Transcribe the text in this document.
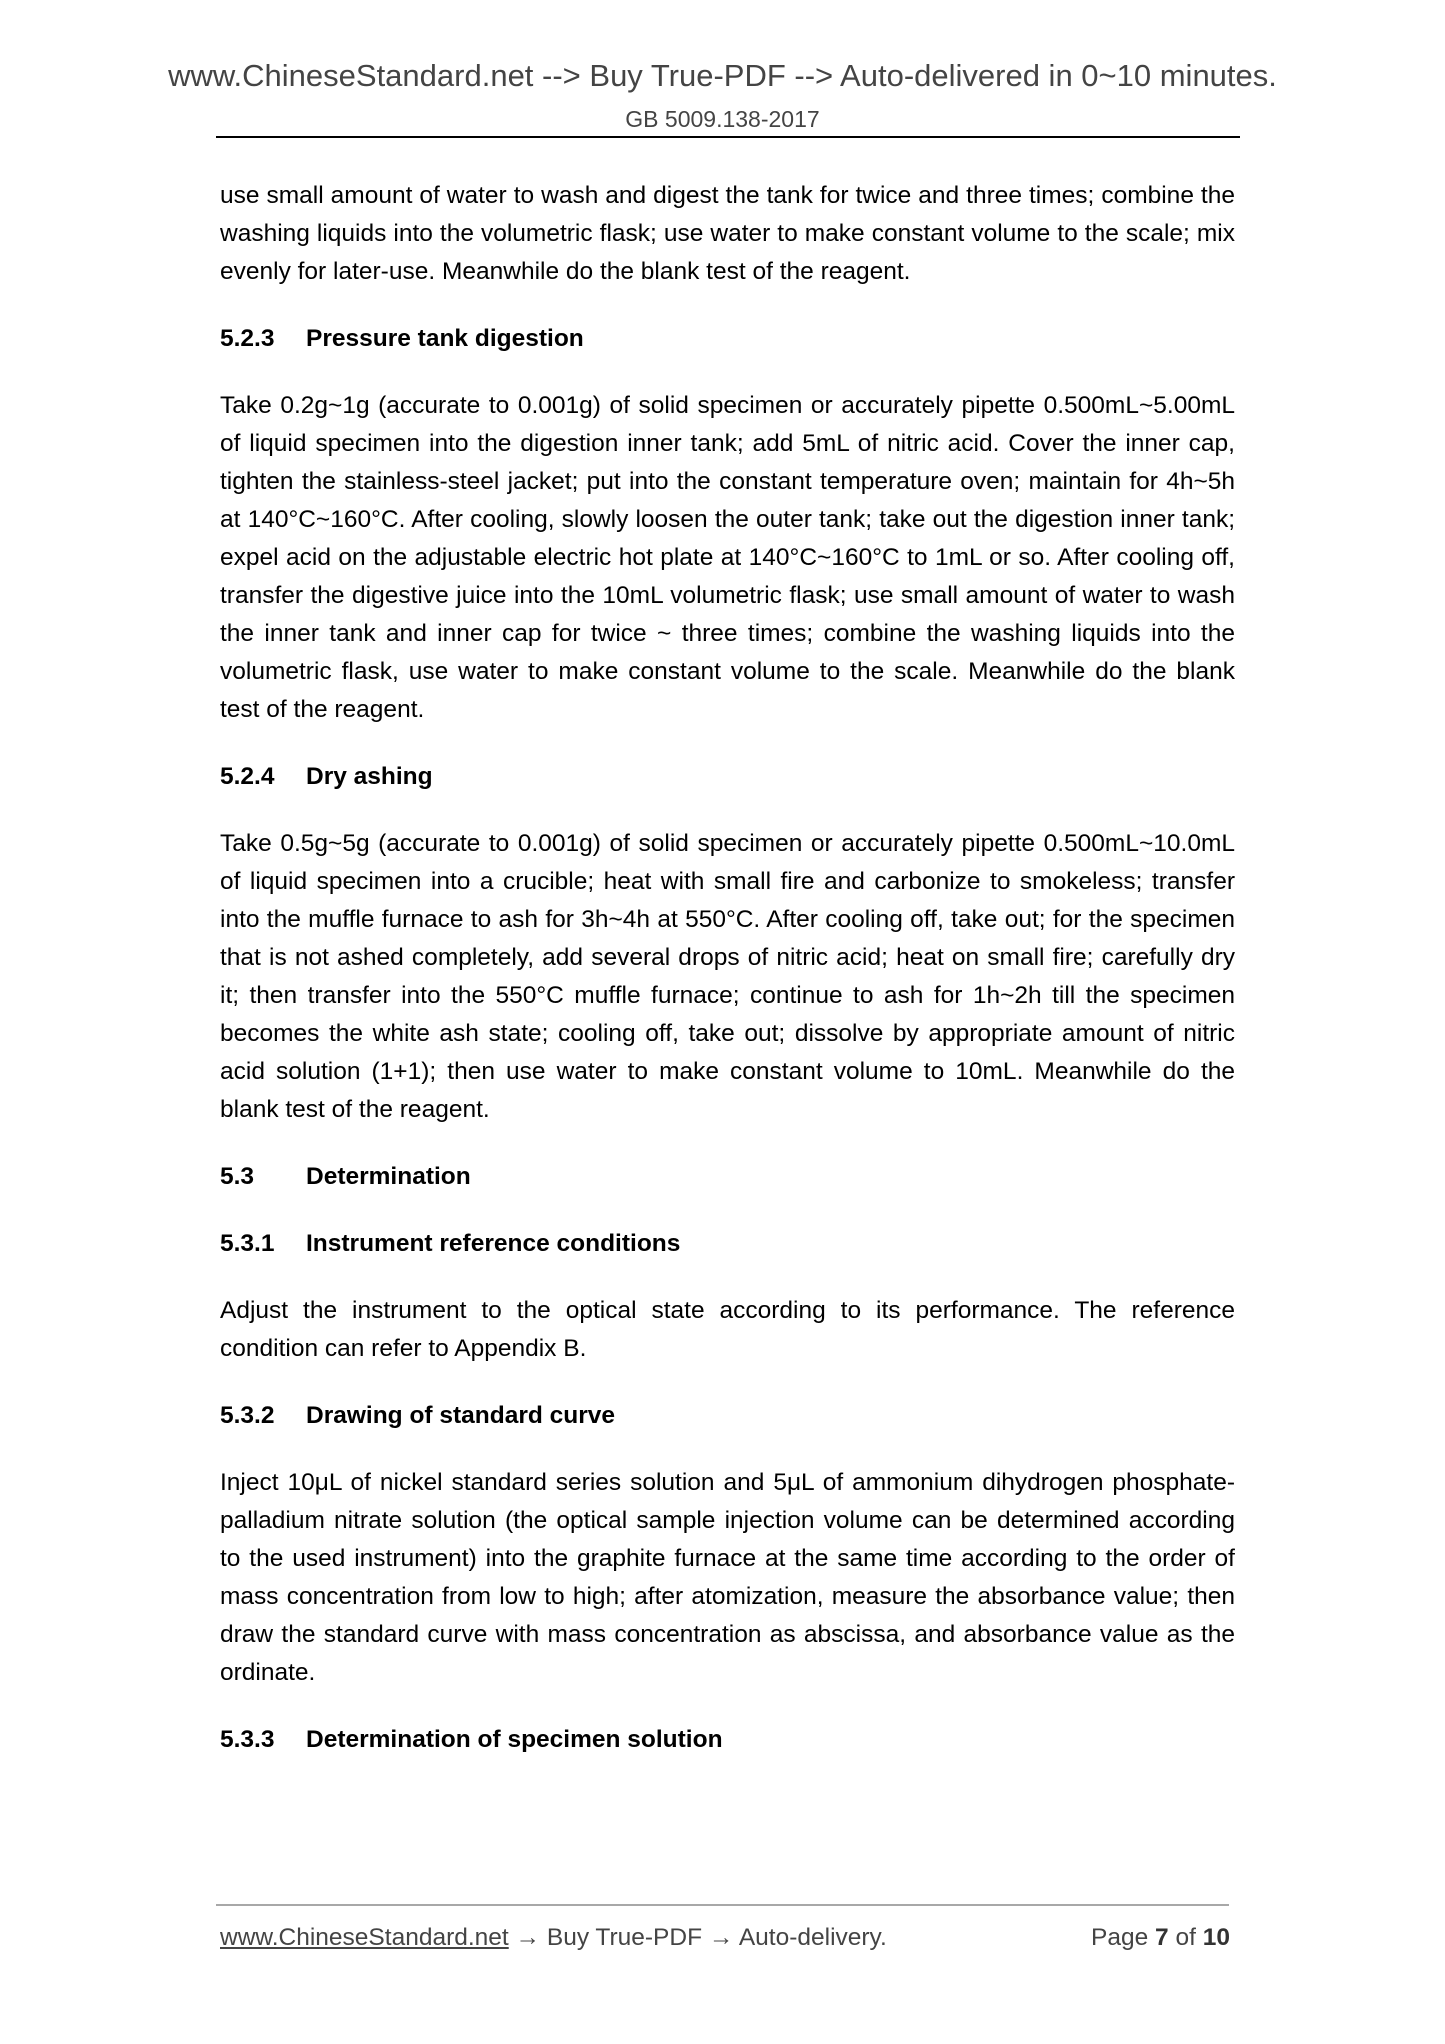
www.ChineseStandard.net --> Buy True-PDF --> Auto-delivered in 0~10 minutes.
GB 5009.138-2017
use small amount of water to wash and digest the tank for twice and three times; combine the washing liquids into the volumetric flask; use water to make constant volume to the scale; mix evenly for later-use. Meanwhile do the blank test of the reagent.
5.2.3	Pressure tank digestion
Take 0.2g~1g (accurate to 0.001g) of solid specimen or accurately pipette 0.500mL~5.00mL of liquid specimen into the digestion inner tank; add 5mL of nitric acid. Cover the inner cap, tighten the stainless-steel jacket; put into the constant temperature oven; maintain for 4h~5h at 140°C~160°C. After cooling, slowly loosen the outer tank; take out the digestion inner tank; expel acid on the adjustable electric hot plate at 140°C~160°C to 1mL or so. After cooling off, transfer the digestive juice into the 10mL volumetric flask; use small amount of water to wash the inner tank and inner cap for twice ~ three times; combine the washing liquids into the volumetric flask, use water to make constant volume to the scale. Meanwhile do the blank test of the reagent.
5.2.4	Dry ashing
Take 0.5g~5g (accurate to 0.001g) of solid specimen or accurately pipette 0.500mL~10.0mL of liquid specimen into a crucible; heat with small fire and carbonize to smokeless; transfer into the muffle furnace to ash for 3h~4h at 550°C. After cooling off, take out; for the specimen that is not ashed completely, add several drops of nitric acid; heat on small fire; carefully dry it; then transfer into the 550°C muffle furnace; continue to ash for 1h~2h till the specimen becomes the white ash state; cooling off, take out; dissolve by appropriate amount of nitric acid solution (1+1); then use water to make constant volume to 10mL. Meanwhile do the blank test of the reagent.
5.3	Determination
5.3.1	Instrument reference conditions
Adjust the instrument to the optical state according to its performance. The reference condition can refer to Appendix B.
5.3.2	Drawing of standard curve
Inject 10μL of nickel standard series solution and 5μL of ammonium dihydrogen phosphate-palladium nitrate solution (the optical sample injection volume can be determined according to the used instrument) into the graphite furnace at the same time according to the order of mass concentration from low to high; after atomization, measure the absorbance value; then draw the standard curve with mass concentration as abscissa, and absorbance value as the ordinate.
5.3.3	Determination of specimen solution
www.ChineseStandard.net → Buy True-PDF → Auto-delivery.	Page 7 of 10
